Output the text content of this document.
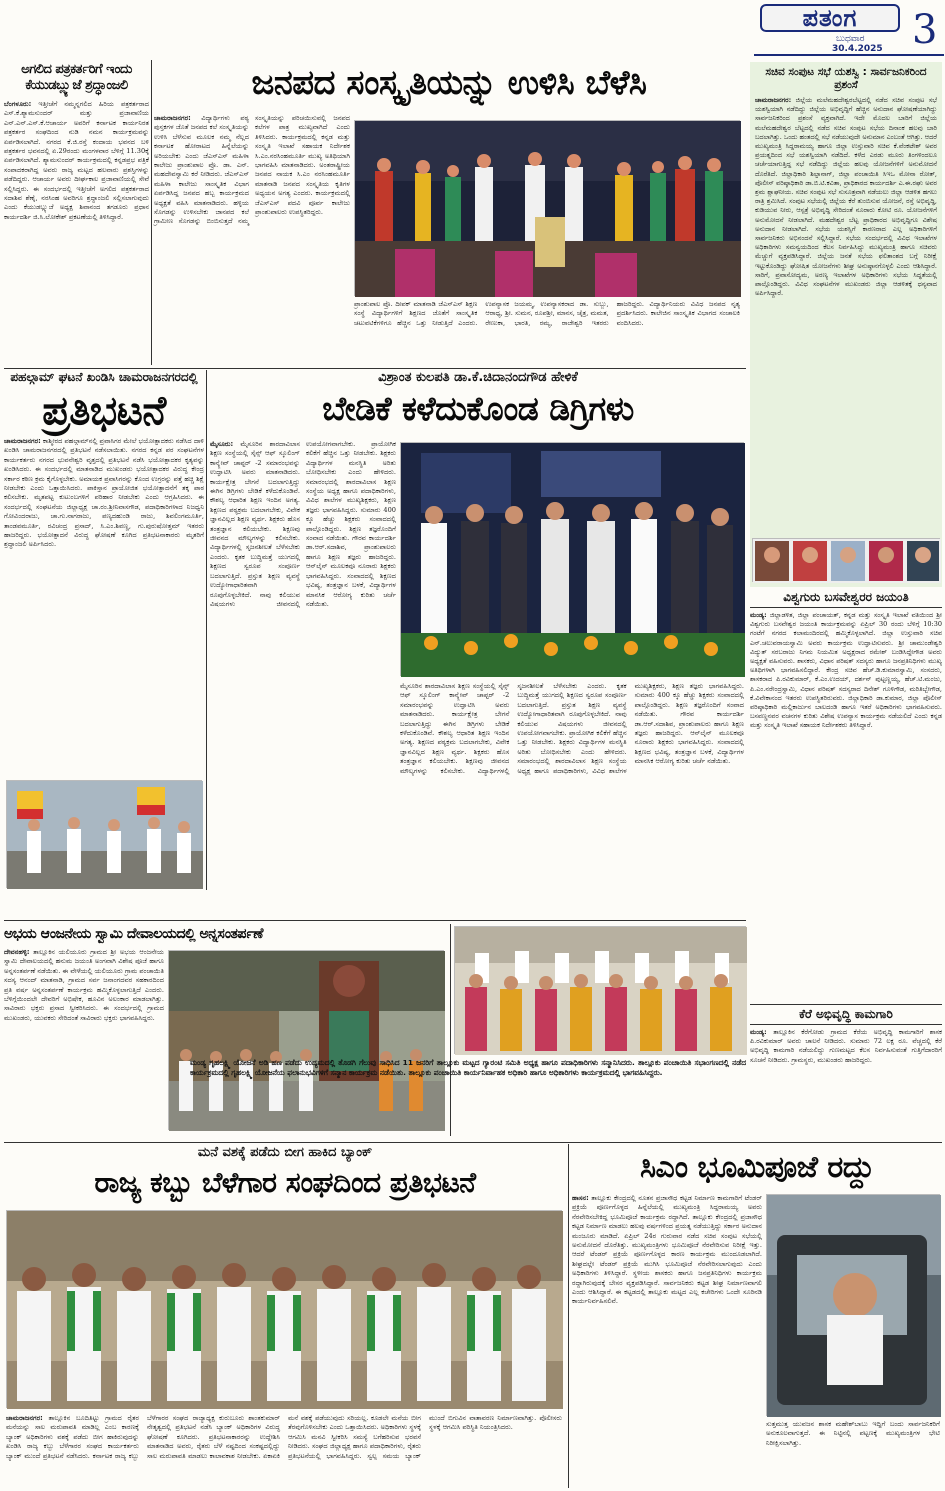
ಪತಂಗ
ಬುಧವಾರ
30.4.2025 3
ಅಗಲಿದ ಪತ್ರಕರ್ತರಿಗೆ ಇಂದು ಕೆಯುಡಬ್ಲ್ಯುಜೆ ಶ್ರದ್ಧಾಂಜಲಿ
ಬೆಂಗಳೂರು: ಇತ್ತೀಚೆಗೆ ನಮ್ಮನ್ನಗಲಿದ ಹಿರಿಯ ಪತ್ರಕರ್ತರಾದ ಎಸ್.ಕೆ.ಶ್ಯಾಮಸುಂದರ್ ಮತ್ತು ಪ್ರಜಾವಾಣಿಯ ಎನ್.ಎನ್.ಎಸ್.ಕೆ.ಆಚಾರ್ಯ ಅವರಿಗೆ ಕರ್ನಾಟಕ ಕಾರ್ಯನಿರತ ಪತ್ರಕರ್ತರ ಸಂಘದಿಂದ ನುಡಿ ನಮನ ಕಾರ್ಯಕ್ರಮವನ್ನು ಏರ್ಪಡಿಸಲಾಗಿದೆ. ನಗರದ ಕೆ.ಜಿ.ರಸ್ತೆ ಕಂದಾಯ ಭವನದ ಬಳಿ ಪತ್ರಕರ್ತರ ಭವನದಲ್ಲಿ ಏ.29ರಂದು ಮಂಗಳವಾರ ಬೆಳಿಗ್ಗೆ 11.30ಕ್ಕೆ ಏರ್ಪಡಿಸಲಾಗಿದೆ. ಶ್ಯಾಮಸುಂದರ್ ಕಾರ್ಯಕ್ರಮದಲ್ಲಿ ಕನ್ನಡಪ್ರಭ ಪತ್ರಿಕೆ ಸಂಪಾದಕರಾಗಿದ್ದ ಅವರು ರಾಜ್ಯ ಮಟ್ಟದ ಹಲವಾರು ಪ್ರಶಸ್ತಿಗಳನ್ನು ಪಡೆದಿದ್ದರು. ಆಚಾರ್ಯ ಅವರು ದೀರ್ಘಕಾಲ ಪ್ರಜಾವಾಣಿಯಲ್ಲಿ ಸೇವೆ ಸಲ್ಲಿಸಿದ್ದರು. ಈ ಸಂದರ್ಭದಲ್ಲಿ ಇತ್ತೀಚೆಗೆ ಅಗಲಿದ ಪತ್ರಕರ್ತರಾದ ಸದಾಶಿವ ಶೆಣೈ, ನರಸಿಂಹ ಅವರಿಗೂ ಶ್ರದ್ಧಾಂಜಲಿ ಸಲ್ಲಿಸಲಾಗುವುದು ಎಂದು ಕೆಯುಡಬ್ಲ್ಯುಜೆ ಅಧ್ಯಕ್ಷ ಶಿವಾನಂದ ತಗಡೂರು ಪ್ರಧಾನ ಕಾರ್ಯದರ್ಶಿ ಜಿ.ಸಿ.ಲೋಕೇಶ್ ಪ್ರಕಟಣೆಯಲ್ಲಿ ತಿಳಿಸಿದ್ದಾರೆ.
ಜನಪದ ಸಂಸ್ಕೃತಿಯನ್ನು ಉಳಿಸಿ ಬೆಳೆಸಿ
ಚಾಮರಾಜನಗರ: ವಿದ್ಯಾರ್ಥಿಗಳು ಪಠ್ಯ ಪುಸ್ತಕಗಳ ಜೊತೆ ಜನಪದ ಕಲೆ ಸಂಸ್ಕೃತಿಯನ್ನು ಉಳಿಸಿ ಬೆಳೆಸುವ ಮೂಲಕ ನಮ್ಮ ನೆಲ್ಲದ ಕರ್ನಾಟಕ ಹೋರಾಟದ ಹಿನ್ನೆಲೆಯನ್ನು ಅರಿಯಬೇಕು ಎಂದು ಜೆಎಸ್ಎಸ್ ಮಹಿಳಾ ಕಾಲೇಜು ಪ್ರಾಂಶುಪಾಲ ಪ್ರೊ. ಡಾ. ಎನ್. ಮಹದೇವಸ್ವಾಮಿ ಕರೆ ನೀಡಿದರು. ಜೆಎಸ್ಎಸ್ ಮಹಿಳಾ ಕಾಲೇಜು ಸಾಂಸ್ಕೃತಿಕ ವಿಭಾಗ ಏರ್ಪಡಿಸಿದ್ದ ಜನಪದ ಹಬ್ಬ ಕಾರ್ಯಕ್ರಮದ ಅಧ್ಯಕ್ಷತೆ ವಹಿಸಿ ಮಾತನಾಡಿದರು. ಹಳ್ಳಿಯ ಸೊಗಡನ್ನು ಉಳಿಸಬೇಕು ಜಾನಪದ ಕಲೆ ಗ್ರಾಮೀಣ ಸೊಗಡನ್ನು ಬಿಂಬಿಸುತ್ತದೆ ನಮ್ಮ ಸಂಸ್ಕೃತಿಯನ್ನು ಪರಿಚಯಿಸುವಲ್ಲಿ ಜನಪದ ಕಲೆಗಳ ಪಾತ್ರ ಮುಖ್ಯವಾಗಿದೆ ಎಂದು ತಿಳಿಸಿದರು. ಕಾರ್ಯಕ್ರಮದಲ್ಲಿ ಕನ್ನಡ ಮತ್ತು ಸಂಸ್ಕೃತಿ ಇಲಾಖೆ ಸಹಾಯಕ ನಿರ್ದೇಶಕ ಸಿ.ಎಂ.ನರಸಿಂಹಮೂರ್ತಿ ಮುಖ್ಯ ಅತಿಥಿಯಾಗಿ ಭಾಗವಹಿಸಿ ಮಾತನಾಡಿದರು. ಅಂತರಾಷ್ಟ್ರೀಯ ಜನಪದ ನಾಯಕ ಸಿ.ಎಂ ನರಸಿಂಹಮೂರ್ತಿ ಮಾತನಾಡಿ ಜನಪದ ಸಂಸ್ಕೃತಿಯ ಕೃತಿಗಳ ಅಧ್ಯಯನ ಅಗತ್ಯ ಎಂದರು. ಕಾರ್ಯಕ್ರಮದಲ್ಲಿ ಜೆಎಸ್ಎಸ್ ಪದವಿ ಪೂರ್ವ ಕಾಲೇಜು ಪ್ರಾಂಶುಪಾಲರು ಉಪಸ್ಥಿತರಿದ್ದರು.
ಪ್ರಾಂಶುಪಾಲ ಪ್ರೊ. ದೀಪಕ್ ಮಾತನಾಡಿ ಜೆಎಸ್ಎಸ್ ಶಿಕ್ಷಣ ಸಂಸ್ಥೆ ವಿದ್ಯಾರ್ಥಿಗಳಿಗೆ ಶಿಕ್ಷಣದ ಜೊತೆಗೆ ಸಾಂಸ್ಕೃತಿಕ ಚಟುವಟಿಕೆಗಳಿಗೂ ಹೆಚ್ಚಿನ ಒತ್ತು ನೀಡುತ್ತಿದೆ ಎಂದರು. ಉಪನ್ಯಾಸಕ ಜಯಮ್ಮ, ಉಪನ್ಯಾಸಕರಾದ ಡಾ. ಸುಬ್ಬು, ಆರಾಧ್ಯ, ಶ್ರೀ. ಸುಮನ, ರೂಪಶ್ರೀ, ಮಾನಸ, ಚೈತ್ರ, ಮಮತ, ರೇಣುಕಾ, ಭಾರತಿ, ರಮ್ಯ, ರಾಜೇಶ್ವರಿ ಇತರರು ಹಾಜರಿದ್ದರು. ವಿದ್ಯಾರ್ಥಿನಿಯರು ವಿವಿಧ ಜನಪದ ನೃತ್ಯ ಪ್ರದರ್ಶಿಸಿದರು. ಕಾಲೇಜಿನ ಸಾಂಸ್ಕೃತಿಕ ವಿಭಾಗದ ಸಂಚಾಲಕಿ ವಂದಿಸಿದರು.
ಸಚಿವ ಸಂಪುಟ ಸಭೆ ಯಶಸ್ವಿ : ಸಾರ್ವಜನಿಕರಿಂದ ಪ್ರಶಂಸೆ
ಚಾಮರಾಜನಗರ: ಜಿಲ್ಲೆಯ ಮಲೆಮಹದೇಶ್ವರಬೆಟ್ಟದಲ್ಲಿ ನಡೆದ ಸಚಿವ ಸಂಪುಟ ಸಭೆ ಯಶಸ್ವಿಯಾಗಿ ನಡೆದಿದ್ದು ಜಿಲ್ಲೆಯ ಅಭಿವೃದ್ಧಿಗೆ ಹೆಚ್ಚಿನ ಅನುದಾನ ಘೋಷಣೆಯಾಗಿದ್ದು ಸಾರ್ವಜನಿಕರಿಂದ ಪ್ರಶಂಸೆ ವ್ಯಕ್ತವಾಗಿದೆ. ಇದೇ ಮೊದಲ ಬಾರಿಗೆ ಜಿಲ್ಲೆಯ ಮಲೆಮಹದೇಶ್ವರ ಬೆಟ್ಟದಲ್ಲಿ ನಡೆದ ಸಚಿವ ಸಂಪುಟ ಸಭೆಯ ದಿನಾಂಕ ಹಲವು ಬಾರಿ ಬದಲಾಗಿತ್ತು. ಒಂದು ಹಂತದಲ್ಲಿ ಸಭೆ ನಡೆಯುವುದೇ ಅನುಮಾನ ಎಂಬಂತೆ ಆಗಿತ್ತು. ಆದರೆ ಮುಖ್ಯಮಂತ್ರಿ ಸಿದ್ದರಾಮಯ್ಯ ಹಾಗೂ ಜಿಲ್ಲಾ ಉಸ್ತುವಾರಿ ಸಚಿವ ಕೆ.ವೆಂಕಟೇಶ್ ಅವರ ಪ್ರಯತ್ನದಿಂದ ಸಭೆ ಯಶಸ್ವಿಯಾಗಿ ನಡೆದಿದೆ. ಕಳೆದ ಎರಡು ಮೂರು ತಿಂಗಳಿಂದಲೂ ಚರ್ಚೆಯಾಗುತ್ತಿದ್ದ ಸಭೆ ನಡೆದಿದ್ದು ಜಿಲ್ಲೆಯ ಹಲವು ಯೋಜನೆಗಳಿಗೆ ಅನುಮೋದನೆ ದೊರೆತಿದೆ. ಜಿಲ್ಲಾಧಿಕಾರಿ ಶಿಲ್ಪಾನಾಗ್, ಜಿಲ್ಲಾ ಪಂಚಾಯಿತಿ ಸಿಇಒ ಮೋನಾ ರೋತ್, ಪೊಲೀಸ್ ವರಿಷ್ಠಾಧಿಕಾರಿ ಡಾ.ಬಿ.ಟಿ.ಕವಿತಾ, ಪ್ರಾಧಿಕಾರದ ಕಾರ್ಯದರ್ಶಿ ಎ.ಈ.ರಘು ಅವರ ಶ್ರಮ ಶ್ಲಾಘನೀಯ. ಸಚಿವ ಸಂಪುಟ ಸಭೆ ಸುಸೂತ್ರವಾಗಿ ನಡೆಯಲು ಜಿಲ್ಲಾ ಆಡಳಿತ ಹಗಲು ರಾತ್ರಿ ಶ್ರಮಿಸಿದೆ. ಸಂಪುಟ ಸಭೆಯಲ್ಲಿ ಜಿಲ್ಲೆಯ ಕೆರೆ ತುಂಬಿಸುವ ಯೋಜನೆ, ರಸ್ತೆ ಅಭಿವೃದ್ಧಿ, ಕುಡಿಯುವ ನೀರು, ಆಸ್ಪತ್ರೆ ಅಭಿವೃದ್ಧಿ ಸೇರಿದಂತೆ ನೂರಾರು ಕೋಟಿ ರೂ. ಯೋಜನೆಗಳಿಗೆ ಅನುಮೋದನೆ ನೀಡಲಾಗಿದೆ. ಮಹದೇಶ್ವರ ಬೆಟ್ಟ ಪ್ರಾಧಿಕಾರದ ಅಭಿವೃದ್ಧಿಗೂ ವಿಶೇಷ ಅನುದಾನ ನೀಡಲಾಗಿದೆ. ಸಭೆಯ ಯಶಸ್ಸಿಗೆ ಕಾರಣರಾದ ಎಲ್ಲ ಅಧಿಕಾರಿಗಳಿಗೆ ಸಾರ್ವಜನಿಕರು ಅಭಿನಂದನೆ ಸಲ್ಲಿಸಿದ್ದಾರೆ. ಸಭೆಯ ಸಂದರ್ಭದಲ್ಲಿ ವಿವಿಧ ಇಲಾಖೆಗಳ ಅಧಿಕಾರಿಗಳು ಸಮನ್ವಯದಿಂದ ಕೆಲಸ ನಿರ್ವಹಿಸಿದ್ದು ಮುಖ್ಯಮಂತ್ರಿ ಹಾಗೂ ಸಚಿವರು ಮೆಚ್ಚುಗೆ ವ್ಯಕ್ತಪಡಿಸಿದ್ದಾರೆ. ಜಿಲ್ಲೆಯ ಜನತೆ ಸಭೆಯ ಫಲಿತಾಂಶದ ಬಗ್ಗೆ ನಿರೀಕ್ಷೆ ಇಟ್ಟುಕೊಂಡಿದ್ದು ಘೋಷಿತ ಯೋಜನೆಗಳು ಶೀಘ್ರ ಅನುಷ್ಠಾನಗೊಳ್ಳಲಿ ಎಂದು ಆಶಿಸಿದ್ದಾರೆ. ಸಾರಿಗೆ, ಪ್ರವಾಸೋದ್ಯಮ, ಅರಣ್ಯ ಇಲಾಖೆಗಳ ಅಧಿಕಾರಿಗಳು ಸಭೆಯ ಸಿದ್ಧತೆಯಲ್ಲಿ ಪಾಲ್ಗೊಂಡಿದ್ದರು. ವಿವಿಧ ಸಂಘಟನೆಗಳ ಮುಖಂಡರು ಜಿಲ್ಲಾ ಆಡಳಿತಕ್ಕೆ ಧನ್ಯವಾದ ಅರ್ಪಿಸಿದ್ದಾರೆ.
ಪಹಲ್ಗಾಮ್ ಘಟನೆ ಖಂಡಿಸಿ ಚಾಮರಾಜನಗರದಲ್ಲಿ
ಪ್ರತಿಭಟನೆ
ಚಾಮರಾಜನಗರ: ಕಾಶ್ಮೀರದ ಪಹಲ್ಗಾಮ್‌ನಲ್ಲಿ ಪ್ರವಾಸಿಗರ ಮೇಲೆ ಭಯೋತ್ಪಾದಕರು ನಡೆಸಿದ ದಾಳಿ ಖಂಡಿಸಿ ಚಾಮರಾಜನಗರದಲ್ಲಿ ಪ್ರತಿಭಟನೆ ನಡೆಸಲಾಯಿತು. ನಗರದ ಕನ್ನಡ ಪರ ಸಂಘಟನೆಗಳ ಕಾರ್ಯಕರ್ತರು ನಗರದ ಭುವನೇಶ್ವರಿ ವೃತ್ತದಲ್ಲಿ ಪ್ರತಿಭಟನೆ ನಡೆಸಿ ಭಯೋತ್ಪಾದಕರ ಕೃತ್ಯವನ್ನು ಖಂಡಿಸಿದರು. ಈ ಸಂದರ್ಭದಲ್ಲಿ ಮಾತನಾಡಿದ ಮುಖಂಡರು ಭಯೋತ್ಪಾದಕರ ವಿರುದ್ಧ ಕೇಂದ್ರ ಸರ್ಕಾರ ಕಠಿಣ ಕ್ರಮ ಕೈಗೊಳ್ಳಬೇಕು. ಅಮಾಯಕ ಪ್ರವಾಸಿಗರನ್ನು ಕೊಂದ ಉಗ್ರರನ್ನು ಪತ್ತೆ ಹಚ್ಚಿ ಶಿಕ್ಷೆ ನೀಡಬೇಕು ಎಂದು ಒತ್ತಾಯಿಸಿದರು. ಪಾಕಿಸ್ತಾನ ಪ್ರಾಯೋಜಿತ ಭಯೋತ್ಪಾದನೆಗೆ ತಕ್ಕ ಪಾಠ ಕಲಿಸಬೇಕು. ಮೃತಪಟ್ಟ ಕುಟುಂಬಗಳಿಗೆ ಪರಿಹಾರ ನೀಡಬೇಕು ಎಂದು ಆಗ್ರಹಿಸಿದರು. ಈ ಸಂದರ್ಭದಲ್ಲಿ ಸಂಘಟನೆಯ ಜಿಲ್ಲಾಧ್ಯಕ್ಷ ಚಾ.ರಂ.ಶ್ರೀನಿವಾಸಗೌಡ, ಪದಾಧಿಕಾರಿಗಳಾದ ನಿಜಧ್ವನಿ ಗೋವಿಂದರಾಜು, ಚಾ.ಗು.ನಾಗರಾಜು, ಪಣ್ಯದಹುಂಡಿ ರಾಜು, ಶಿವಲಿಂಗಮೂರ್ತಿ, ತಾಂಡವಮೂರ್ತಿ, ರವಿಚಂದ್ರ ಪ್ರಸಾದ್, ಸಿ.ಎಂ.ಶಿವಣ್ಣ, ಗು.ಪುರುಷೋತ್ತಮ್ ಇತರರು ಹಾಜರಿದ್ದರು. ಭಯೋತ್ಪಾದನೆ ವಿರುದ್ಧ ಘೋಷಣೆ ಕೂಗಿದ ಪ್ರತಿಭಟನಾಕಾರರು ಮೃತರಿಗೆ ಶ್ರದ್ಧಾಂಜಲಿ ಅರ್ಪಿಸಿದರು.
ವಿಶ್ರಾಂತ ಕುಲಪತಿ ಡಾ.ಕೆ.ಚಿದಾನಂದಗೌಡ ಹೇಳಿಕೆ
ಬೇಡಿಕೆ ಕಳೆದುಕೊಂಡ ಡಿಗ್ರಿಗಳು
ಮೈಸೂರು: ಮೈಸೂರಿನ ಶಾರದಾವಿಲಾಸ ಶಿಕ್ಷಣ ಸಂಸ್ಥೆಯಲ್ಲಿ ಸೈನ್ಸ್ ಆಫ್ ಸ್ಕೂಲಿಂಗ್ ಕಾನ್ಕ್ಲೇವ್ ಚಾಪ್ಟರ್ -2 ಸಮಾರಂಭವನ್ನು ಉದ್ಘಾಟಿಸಿ ಅವರು ಮಾತನಾಡಿದರು. ಕಾರ್ಯಕ್ಷೇತ್ರ ಬೇಗನೆ ಬದಲಾಗುತ್ತಿದ್ದು ಈಗಿನ ಡಿಗ್ರಿಗಳು ಬೇಡಿಕೆ ಕಳೆದುಕೊಂಡಿವೆ. ಕೌಶಲ್ಯ ಆಧಾರಿತ ಶಿಕ್ಷಣ ಇಂದಿನ ಅಗತ್ಯ. ಶಿಕ್ಷಣದ ಪಠ್ಯಕ್ರಮ ಬದಲಾಗಬೇಕು, ವಿವೇಕ ಜ್ಞಾನವಿಲ್ಲದ ಶಿಕ್ಷಣ ವ್ಯರ್ಥ. ಶಿಕ್ಷಕರು ಹೊಸ ತಂತ್ರಜ್ಞಾನ ಕಲಿಯಬೇಕು. ಶಿಕ್ಷಣವು ಜೀವನದ ಮೌಲ್ಯಗಳನ್ನು ಕಲಿಸಬೇಕು. ವಿದ್ಯಾರ್ಥಿಗಳಲ್ಲಿ ಸೃಜನಶೀಲತೆ ಬೆಳೆಸಬೇಕು ಎಂದರು. ಕೃತಕ ಬುದ್ಧಿಮತ್ತೆ ಯುಗದಲ್ಲಿ ಶಿಕ್ಷಣದ ಸ್ವರೂಪ ಸಂಪೂರ್ಣ ಬದಲಾಗುತ್ತಿದೆ. ಪ್ರಸ್ತುತ ಶಿಕ್ಷಣ ವ್ಯವಸ್ಥೆ ಉದ್ಯೋಗಾಧಾರಿತವಾಗಿ ರೂಪುಗೊಳ್ಳಬೇಕಿದೆ. ನಾವು ಕಲಿಯುವ ವಿಷಯಗಳು ಜೀವನದಲ್ಲಿ ಉಪಯೋಗವಾಗಬೇಕು. ಪ್ರಾಯೋಗಿಕ ಕಲಿಕೆಗೆ ಹೆಚ್ಚಿನ ಒತ್ತು ನೀಡಬೇಕು. ಶಿಕ್ಷಕರು ವಿದ್ಯಾರ್ಥಿಗಳ ಮನಸ್ಥಿತಿ ಅರಿತು ಬೋಧಿಸಬೇಕು ಎಂದು ಹೇಳಿದರು. ಸಮಾರಂಭದಲ್ಲಿ ಶಾರದಾವಿಲಾಸ ಶಿಕ್ಷಣ ಸಂಸ್ಥೆಯ ಅಧ್ಯಕ್ಷ ಹಾಗೂ ಪದಾಧಿಕಾರಿಗಳು, ವಿವಿಧ ಶಾಲೆಗಳ ಮುಖ್ಯಶಿಕ್ಷಕರು, ಶಿಕ್ಷಣ ತಜ್ಞರು ಭಾಗವಹಿಸಿದ್ದರು. ಸುಮಾರು 400 ಕ್ಕೂ ಹೆಚ್ಚು ಶಿಕ್ಷಕರು ಸಂವಾದದಲ್ಲಿ ಪಾಲ್ಗೊಂಡಿದ್ದರು. ಶಿಕ್ಷಣ ತಜ್ಞರೊಂದಿಗೆ ಸಂವಾದ ನಡೆಯಿತು. ಗೌರವ ಕಾರ್ಯದರ್ಶಿ ಡಾ.ಆರ್.ಸದಾಶಿವ, ಪ್ರಾಂಶುಪಾಲರು ಹಾಗೂ ಶಿಕ್ಷಣ ತಜ್ಞರು ಹಾಜರಿದ್ದರು. ಆನ್‌ಲೈನ್ ಮೂಲಕವೂ ನೂರಾರು ಶಿಕ್ಷಕರು ಭಾಗವಹಿಸಿದ್ದರು. ಸಂವಾದದಲ್ಲಿ ಶಿಕ್ಷಣದ ಭವಿಷ್ಯ, ತಂತ್ರಜ್ಞಾನ ಬಳಕೆ, ವಿದ್ಯಾರ್ಥಿಗಳ ಮಾನಸಿಕ ಆರೋಗ್ಯ ಕುರಿತು ಚರ್ಚೆ ನಡೆಯಿತು.
ಮೈಸೂರಿನ ಶಾರದಾವಿಲಾಸ ಶಿಕ್ಷಣ ಸಂಸ್ಥೆಯಲ್ಲಿ ಸೈನ್ಸ್ ಆಫ್ ಸ್ಕೂಲಿಂಗ್ ಕಾನ್ಕ್ಲೇವ್ ಚಾಪ್ಟರ್ -2 ಸಮಾರಂಭವನ್ನು ಉದ್ಘಾಟಿಸಿ ಅವರು ಮಾತನಾಡಿದರು. ಕಾರ್ಯಕ್ಷೇತ್ರ ಬೇಗನೆ ಬದಲಾಗುತ್ತಿದ್ದು ಈಗಿನ ಡಿಗ್ರಿಗಳು ಬೇಡಿಕೆ ಕಳೆದುಕೊಂಡಿವೆ. ಕೌಶಲ್ಯ ಆಧಾರಿತ ಶಿಕ್ಷಣ ಇಂದಿನ ಅಗತ್ಯ. ಶಿಕ್ಷಣದ ಪಠ್ಯಕ್ರಮ ಬದಲಾಗಬೇಕು, ವಿವೇಕ ಜ್ಞಾನವಿಲ್ಲದ ಶಿಕ್ಷಣ ವ್ಯರ್ಥ. ಶಿಕ್ಷಕರು ಹೊಸ ತಂತ್ರಜ್ಞಾನ ಕಲಿಯಬೇಕು. ಶಿಕ್ಷಣವು ಜೀವನದ ಮೌಲ್ಯಗಳನ್ನು ಕಲಿಸಬೇಕು. ವಿದ್ಯಾರ್ಥಿಗಳಲ್ಲಿ ಸೃಜನಶೀಲತೆ ಬೆಳೆಸಬೇಕು ಎಂದರು. ಕೃತಕ ಬುದ್ಧಿಮತ್ತೆ ಯುಗದಲ್ಲಿ ಶಿಕ್ಷಣದ ಸ್ವರೂಪ ಸಂಪೂರ್ಣ ಬದಲಾಗುತ್ತಿದೆ. ಪ್ರಸ್ತುತ ಶಿಕ್ಷಣ ವ್ಯವಸ್ಥೆ ಉದ್ಯೋಗಾಧಾರಿತವಾಗಿ ರೂಪುಗೊಳ್ಳಬೇಕಿದೆ. ನಾವು ಕಲಿಯುವ ವಿಷಯಗಳು ಜೀವನದಲ್ಲಿ ಉಪಯೋಗವಾಗಬೇಕು. ಪ್ರಾಯೋಗಿಕ ಕಲಿಕೆಗೆ ಹೆಚ್ಚಿನ ಒತ್ತು ನೀಡಬೇಕು. ಶಿಕ್ಷಕರು ವಿದ್ಯಾರ್ಥಿಗಳ ಮನಸ್ಥಿತಿ ಅರಿತು ಬೋಧಿಸಬೇಕು ಎಂದು ಹೇಳಿದರು. ಸಮಾರಂಭದಲ್ಲಿ ಶಾರದಾವಿಲಾಸ ಶಿಕ್ಷಣ ಸಂಸ್ಥೆಯ ಅಧ್ಯಕ್ಷ ಹಾಗೂ ಪದಾಧಿಕಾರಿಗಳು, ವಿವಿಧ ಶಾಲೆಗಳ ಮುಖ್ಯಶಿಕ್ಷಕರು, ಶಿಕ್ಷಣ ತಜ್ಞರು ಭಾಗವಹಿಸಿದ್ದರು. ಸುಮಾರು 400 ಕ್ಕೂ ಹೆಚ್ಚು ಶಿಕ್ಷಕರು ಸಂವಾದದಲ್ಲಿ ಪಾಲ್ಗೊಂಡಿದ್ದರು. ಶಿಕ್ಷಣ ತಜ್ಞರೊಂದಿಗೆ ಸಂವಾದ ನಡೆಯಿತು. ಗೌರವ ಕಾರ್ಯದರ್ಶಿ ಡಾ.ಆರ್.ಸದಾಶಿವ, ಪ್ರಾಂಶುಪಾಲರು ಹಾಗೂ ಶಿಕ್ಷಣ ತಜ್ಞರು ಹಾಜರಿದ್ದರು. ಆನ್‌ಲೈನ್ ಮೂಲಕವೂ ನೂರಾರು ಶಿಕ್ಷಕರು ಭಾಗವಹಿಸಿದ್ದರು. ಸಂವಾದದಲ್ಲಿ ಶಿಕ್ಷಣದ ಭವಿಷ್ಯ, ತಂತ್ರಜ್ಞಾನ ಬಳಕೆ, ವಿದ್ಯಾರ್ಥಿಗಳ ಮಾನಸಿಕ ಆರೋಗ್ಯ ಕುರಿತು ಚರ್ಚೆ ನಡೆಯಿತು.
ವಿಶ್ವಗುರು ಬಸವೇಶ್ವರರ ಜಯಂತಿ
ಮಂಡ್ಯ: ಜಿಲ್ಲಾಡಳಿತ, ಜಿಲ್ಲಾ ಪಂಚಾಯತ್, ಕನ್ನಡ ಮತ್ತು ಸಂಸ್ಕೃತಿ ಇಲಾಖೆ ವತಿಯಿಂದ ಶ್ರೀ ವಿಶ್ವಗುರು ಬಸವೇಶ್ವರ ಜಯಂತಿ ಕಾರ್ಯಕ್ರಮವನ್ನು ಏಪ್ರಿಲ್ 30 ರಂದು ಬೆಳಿಗ್ಗೆ 10:30 ಗಂಟೆಗೆ ನಗರದ ಕಲಾಮಂದಿರದಲ್ಲಿ ಹಮ್ಮಿಕೊಳ್ಳಲಾಗಿದೆ. ಜಿಲ್ಲಾ ಉಸ್ತುವಾರಿ ಸಚಿವ ಎನ್.ಚಲುವರಾಯಸ್ವಾಮಿ ಅವರು ಕಾರ್ಯಕ್ರಮ ಉದ್ಘಾಟಿಸುವರು. ಶ್ರೀ ಚಾಮುಂಡೇಶ್ವರಿ ವಿದ್ಯುತ್ ಸರಬರಾಜು ನಿಗಮ ನಿಯಮಿತ ಅಧ್ಯಕ್ಷರಾದ ರಮೇಶ್ ಬಂಡಿಸಿದ್ದೇಗೌಡ ಅವರು ಅಧ್ಯಕ್ಷತೆ ವಹಿಸುವರು. ಶಾಸಕರು, ವಿಧಾನ ಪರಿಷತ್ ಸದಸ್ಯರು ಹಾಗೂ ಜನಪ್ರತಿನಿಧಿಗಳು ಮುಖ್ಯ ಅತಿಥಿಗಳಾಗಿ ಭಾಗವಹಿಸಲಿದ್ದಾರೆ. ಕೇಂದ್ರ ಸಚಿವ ಹೆಚ್.ಡಿ.ಕುಮಾರಸ್ವಾಮಿ, ಸಂಸದರು, ಶಾಸಕರಾದ ಪಿ.ರವಿಕುಮಾರ್, ಕೆ.ಎಂ.ಉದಯ್, ದರ್ಶನ್ ಪುಟ್ಟಣ್ಣಯ್ಯ, ಹೆಚ್.ಟಿ.ಮಂಜು, ಪಿ.ಎಂ.ನರೇಂದ್ರಸ್ವಾಮಿ, ವಿಧಾನ ಪರಿಷತ್ ಸದಸ್ಯರಾದ ದಿನೇಶ್ ಗೂಳಿಗೌಡ, ಮರಿತಿಬ್ಬೇಗೌಡ, ಕೆ.ವಿವೇಕಾನಂದ ಇತರರು ಉಪಸ್ಥಿತರಿರುವರು. ಜಿಲ್ಲಾಧಿಕಾರಿ ಡಾ.ಕುಮಾರ, ಜಿಲ್ಲಾ ಪೊಲೀಸ್ ವರಿಷ್ಠಾಧಿಕಾರಿ ಮಲ್ಲಿಕಾರ್ಜುನ ಬಾಲದಂಡಿ ಹಾಗೂ ಇತರೆ ಅಧಿಕಾರಿಗಳು ಭಾಗವಹಿಸುವರು. ಬಸವಣ್ಣನವರ ವಚನಗಳ ಕುರಿತು ವಿಶೇಷ ಉಪನ್ಯಾಸ ಕಾರ್ಯಕ್ರಮ ನಡೆಯಲಿದೆ ಎಂದು ಕನ್ನಡ ಮತ್ತು ಸಂಸ್ಕೃತಿ ಇಲಾಖೆ ಸಹಾಯಕ ನಿರ್ದೇಶಕರು ತಿಳಿಸಿದ್ದಾರೆ.
ಕೆರೆ ಅಭಿವೃದ್ಧಿ ಕಾಮಗಾರಿ
ಮಂಡ್ಯ: ತಾಲ್ಲೂಕಿನ ಕೆರೆಗೋಡು ಗ್ರಾಮದ ಕೆರೆಯ ಅಭಿವೃದ್ಧಿ ಕಾಮಗಾರಿಗೆ ಶಾಸಕ ಪಿ.ರವಿಕುಮಾರ್ ಅವರು ಚಾಲನೆ ನೀಡಿದರು. ಸುಮಾರು 72 ಲಕ್ಷ ರೂ. ವೆಚ್ಚದಲ್ಲಿ ಕೆರೆ ಅಭಿವೃದ್ಧಿ ಕಾಮಗಾರಿ ನಡೆಯಲಿದ್ದು ಗುಣಮಟ್ಟದ ಕೆಲಸ ನಿರ್ವಹಿಸುವಂತೆ ಗುತ್ತಿಗೆದಾರರಿಗೆ ಸೂಚನೆ ನೀಡಿದರು. ಗ್ರಾಮಸ್ಥರು, ಮುಖಂಡರು ಹಾಜರಿದ್ದರು.
ಅಭಯ ಆಂಜನೇಯ ಸ್ವಾಮಿ ದೇವಾಲಯದಲ್ಲಿ ಅನ್ನಸಂತರ್ಪಣೆ
ದೇವನಹಳ್ಳಿ: ತಾಲ್ಲೂಕಿನ ಯಲಿಯೂರು ಗ್ರಾಮದ ಶ್ರೀ ಅಭಯ ಆಂಜನೇಯ ಸ್ವಾಮಿ ದೇವಾಲಯದಲ್ಲಿ ಹನುಮ ಜಯಂತಿ ಅಂಗವಾಗಿ ವಿಶೇಷ ಪೂಜೆ ಹಾಗೂ ಅನ್ನಸಂತರ್ಪಣೆ ನಡೆಯಿತು. ಈ ವೇಳೆಯಲ್ಲಿ ಯಲಿಯೂರು ಗ್ರಾಮ ಪಂಚಾಯಿತಿ ಸದಸ್ಯ ಆನಂದ್ ಮಾತನಾಡಿ, ಗ್ರಾಮದ ಸರ್ವ ಜನಾಂಗದವರ ಸಹಕಾರದಿಂದ ಪ್ರತಿ ವರ್ಷ ಅನ್ನಸಂತರ್ಪಣೆ ಕಾರ್ಯಕ್ರಮ ಹಮ್ಮಿಕೊಳ್ಳಲಾಗುತ್ತಿದೆ ಎಂದರು. ಬೆಳಿಗ್ಗೆಯಿಂದಲೇ ದೇವರಿಗೆ ಅಭಿಷೇಕ, ಹೂವಿನ ಅಲಂಕಾರ ಮಾಡಲಾಗಿತ್ತು. ಸಾವಿರಾರು ಭಕ್ತರು ಪ್ರಸಾದ ಸ್ವೀಕರಿಸಿದರು. ಈ ಸಂದರ್ಭದಲ್ಲಿ ಗ್ರಾಮದ ಮುಖಂಡರು, ಯುವಕರು ಸೇರಿದಂತೆ ಸಾವಿರಾರು ಭಕ್ತರು ಭಾಗವಹಿಸಿದ್ದರು.
ಮಂಡ್ಯ ಗೃಹಲಕ್ಷ್ಮಿ ಯೋಜನೆ ಅಡಿ ಹಣ ಪಡೆದು ಉದ್ಯಮದಲ್ಲಿ ತೊಡಗಿ ಗೆಲುವು ಸಾಧಿಸಿದ 11 ಜನರಿಗೆ ತಾಲ್ಲೂಕು ಮಟ್ಟದ ಗ್ಯಾರಂಟಿ ಸಮಿತಿ ಅಧ್ಯಕ್ಷ ಹಾಗೂ ಪದಾಧಿಕಾರಿಗಳು ಸನ್ಮಾನಿಸಿದರು. ತಾಲ್ಲೂಕು ಪಂಚಾಯಿತಿ ಸಭಾಂಗಣದಲ್ಲಿ ನಡೆದ ಕಾರ್ಯಕ್ರಮದಲ್ಲಿ ಗೃಹಲಕ್ಷ್ಮಿ ಯೋಜನೆಯ ಫಲಾನುಭವಿಗಳಿಗೆ ಸನ್ಮಾನ ಕಾರ್ಯಕ್ರಮ ನಡೆಯಿತು. ತಾಲ್ಲೂಕು ಪಂಚಾಯಿತಿ ಕಾರ್ಯನಿರ್ವಾಹಕ ಅಧಿಕಾರಿ ಹಾಗೂ ಅಧಿಕಾರಿಗಳು ಕಾರ್ಯಕ್ರಮದಲ್ಲಿ ಭಾಗವಹಿಸಿದ್ದರು.
ಮನೆ ವಶಕ್ಕೆ ಪಡೆದು ಬೀಗ ಹಾಕಿದ ಬ್ಯಾಂಕ್
ರಾಜ್ಯ ಕಬ್ಬು ಬೆಳೆಗಾರ ಸಂಘದಿಂದ ಪ್ರತಿಭಟನೆ
ಚಾಮರಾಜನಗರ: ತಾಲ್ಲೂಕಿನ ಬೂದಿತಿಟ್ಟು ಗ್ರಾಮದ ರೈತರ ಮನೆಯನ್ನು ಸಾಲ ಮರುಪಾವತಿ ಮಾಡಿಲ್ಲ ಎಂಬ ಕಾರಣಕ್ಕೆ ಬ್ಯಾಂಕ್ ಅಧಿಕಾರಿಗಳು ವಶಕ್ಕೆ ಪಡೆದು ಬೀಗ ಹಾಕಿರುವುದನ್ನು ಖಂಡಿಸಿ ರಾಜ್ಯ ಕಬ್ಬು ಬೆಳೆಗಾರರ ಸಂಘದ ಕಾರ್ಯಕರ್ತರು ಬ್ಯಾಂಕ್ ಮುಂದೆ ಪ್ರತಿಭಟನೆ ನಡೆಸಿದರು. ಕರ್ನಾಟಕ ರಾಜ್ಯ ಕಬ್ಬು ಬೆಳೆಗಾರರ ಸಂಘದ ರಾಜ್ಯಾಧ್ಯಕ್ಷ ಕುರುಬೂರು ಶಾಂತಕುಮಾರ್ ನೇತೃತ್ವದಲ್ಲಿ ಪ್ರತಿಭಟನೆ ನಡೆಸಿ ಬ್ಯಾಂಕ್ ಅಧಿಕಾರಿಗಳ ವಿರುದ್ಧ ಘೋಷಣೆ ಕೂಗಿದರು. ಪ್ರತಿಭಟನಾಕಾರರನ್ನು ಉದ್ದೇಶಿಸಿ ಮಾತನಾಡಿದ ಅವರು, ರೈತರು ಬೆಳೆ ನಷ್ಟದಿಂದ ಸಂಕಷ್ಟದಲ್ಲಿದ್ದು ಸಾಲ ಮರುಪಾವತಿ ಮಾಡಲು ಕಾಲಾವಕಾಶ ನೀಡಬೇಕು. ಏಕಾಏಕಿ ಮನೆ ವಶಕ್ಕೆ ಪಡೆಯುವುದು ಸರಿಯಲ್ಲ. ಕೂಡಲೇ ಮನೆಯ ಬೀಗ ತೆರವುಗೊಳಿಸಬೇಕು ಎಂದು ಒತ್ತಾಯಿಸಿದರು. ಅಧಿಕಾರಿಗಳು ಸ್ಥಳಕ್ಕೆ ಆಗಮಿಸಿ ಮನವಿ ಸ್ವೀಕರಿಸಿ ಸಮಸ್ಯೆ ಬಗೆಹರಿಸುವ ಭರವಸೆ ನೀಡಿದರು. ಸಂಘದ ಜಿಲ್ಲಾಧ್ಯಕ್ಷ ಹಾಗೂ ಪದಾಧಿಕಾರಿಗಳು, ರೈತರು ಪ್ರತಿಭಟನೆಯಲ್ಲಿ ಭಾಗವಹಿಸಿದ್ದರು. ಸ್ವಲ್ಪ ಸಮಯ ಬ್ಯಾಂಕ್ ಮುಂದೆ ಬಿಗುವಿನ ವಾತಾವರಣ ನಿರ್ಮಾಣವಾಗಿತ್ತು. ಪೊಲೀಸರು ಸ್ಥಳಕ್ಕೆ ಆಗಮಿಸಿ ಪರಿಸ್ಥಿತಿ ನಿಯಂತ್ರಿಸಿದರು.
ಸಿಎಂ ಭೂಮಿಪೂಜೆ ರದ್ದು
ಹಾಸನ: ತಾಲ್ಲೂಕು ಕೇಂದ್ರದಲ್ಲಿ ನೂತನ ಪ್ರಜಾಸೌಧ ಕಟ್ಟಡ ನಿರ್ಮಾಣ ಕಾಮಗಾರಿಗೆ ಟೆಂಡರ್ ಪ್ರಕ್ರಿಯೆ ಪೂರ್ಣಗೊಳ್ಳದ ಹಿನ್ನೆಲೆಯಲ್ಲಿ ಮುಖ್ಯಮಂತ್ರಿ ಸಿದ್ದರಾಮಯ್ಯ ಅವರು ನೆರವೇರಿಸಬೇಕಿದ್ದ ಭೂಮಿಪೂಜೆ ಕಾರ್ಯಕ್ರಮ ರದ್ದಾಗಿದೆ. ತಾಲ್ಲೂಕು ಕೇಂದ್ರದಲ್ಲಿ ಪ್ರಜಾಸೌಧ ಕಟ್ಟಡ ನಿರ್ಮಾಣ ಮಾಡಲು ಹಲವು ವರ್ಷಗಳಿಂದ ಪ್ರಯತ್ನ ನಡೆಯುತ್ತಿದ್ದು ಸರ್ಕಾರ ಅನುದಾನ ಮಂಜೂರು ಮಾಡಿದೆ. ಏಪ್ರಿಲ್ 24ರ ಗುರುವಾರ ನಡೆದ ಸಚಿವ ಸಂಪುಟ ಸಭೆಯಲ್ಲಿ ಅನುಮೋದನೆ ದೊರೆತಿತ್ತು. ಮುಖ್ಯಮಂತ್ರಿಗಳು ಭೂಮಿಪೂಜೆ ನೆರವೇರಿಸುವ ನಿರೀಕ್ಷೆ ಇತ್ತು. ಆದರೆ ಟೆಂಡರ್ ಪ್ರಕ್ರಿಯೆ ಪೂರ್ಣಗೊಳ್ಳದ ಕಾರಣ ಕಾರ್ಯಕ್ರಮ ಮುಂದೂಡಲಾಗಿದೆ. ಶೀಘ್ರದಲ್ಲೇ ಟೆಂಡರ್ ಪ್ರಕ್ರಿಯೆ ಮುಗಿಸಿ ಭೂಮಿಪೂಜೆ ನೆರವೇರಿಸಲಾಗುವುದು ಎಂದು ಅಧಿಕಾರಿಗಳು ತಿಳಿಸಿದ್ದಾರೆ. ಸ್ಥಳೀಯ ಶಾಸಕರು ಹಾಗೂ ಜನಪ್ರತಿನಿಧಿಗಳು ಕಾರ್ಯಕ್ರಮ ರದ್ದಾಗಿರುವುದಕ್ಕೆ ಬೇಸರ ವ್ಯಕ್ತಪಡಿಸಿದ್ದಾರೆ. ಸಾರ್ವಜನಿಕರು ಕಟ್ಟಡ ಶೀಘ್ರ ನಿರ್ಮಾಣವಾಗಲಿ ಎಂದು ಆಶಿಸಿದ್ದಾರೆ. ಈ ಕಟ್ಟಡದಲ್ಲಿ ತಾಲ್ಲೂಕು ಮಟ್ಟದ ಎಲ್ಲ ಕಚೇರಿಗಳು ಒಂದೇ ಸೂರಿನಡಿ ಕಾರ್ಯನಿರ್ವಹಿಸಲಿವೆ.
ಸುತ್ತಮುತ್ತ ಯುವಜನ ಶಾಸಕ ಮಹೇಶ್‌ಬಾಬು ಇದ್ದಿಗೆ ಬಂದು ಸಾರ್ವಜನಿಕರಿಗೆ ಅನುಕೂಲವಾಗುತ್ತದೆ. ಈ ನಿಟ್ಟಿನಲ್ಲಿ ಪಟ್ಟಣಕ್ಕೆ ಮುಖ್ಯಮಂತ್ರಿಗಳ ಭೇಟಿ ನಿರೀಕ್ಷಿಸಲಾಗಿತ್ತು.
